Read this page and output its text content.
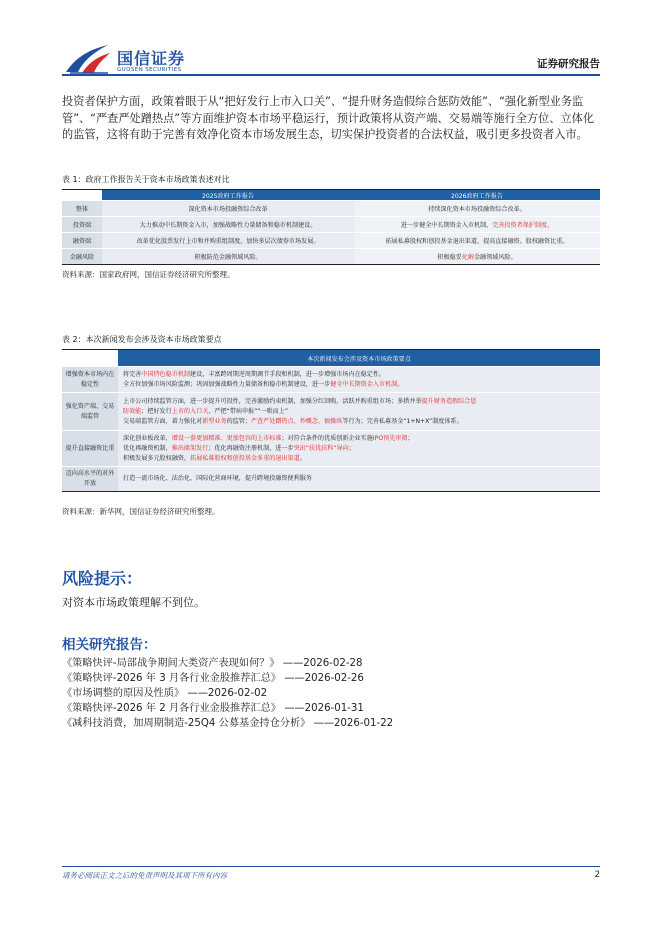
国信证券
GUOSEN SECURITIES	证券研究报告

投资者保护方面，政策着眼于从“把好发行上市入口关”、“提升财务造假综合惩防效能”、“强化新型业务监管”、“严查严处蹭热点”等方面维护资本市场平稳运行，预计政策将从资产端、交易端等施行全方位、立体化的监管，这将有助于完善有效净化资本市场发展生态，切实保护投资者的合法权益，吸引更多投资者入市。

表 1：政府工作报告关于资本市场政策表述对比
	2025政府工作报告	2026政府工作报告
整体	深化资本市场投融资综合改革	持续深化资本市场投融资综合改革。
投资端	大力推动中长期资金入市，加强战略性力量储备和稳市机制建设。	进一步健全中长期资金入市机制，完善投资者保护制度。
融资端	改革优化股票发行上市和并购重组制度，加快多层次债券市场发展。	拓展私募股权和创投基金退出渠道，提高直接融资、股权融资比重。
金融风险	积极防范金融领域风险。	积极稳妥化解金融领域风险。
资料来源：国家政府网，国信证券经济研究所整理。
表 2：本次新闻发布会涉及资本市场政策要点
	本次新闻发布会涉及资本市场政策要点
增强资本市场内在稳定性	将完善中国特色稳市机制建设，丰富跨周期逆周期调节手段和机制，进一步增强市场内在稳定性。
全方位加强市场风险监测；巩固加强战略性力量储备和稳市机制建设，进一步健全中长期资金入市机制。

强化资产端、交易端监管	上市公司持续监管方面，进一步提升可投性，完善激励约束机制，加强分红回购，活跃并购重组市场；多措并举提升财务造假综合惩
防效能；把好发行上市的入口关，严把“带病申报”“一哄而上”
交易端监管方面，着力强化对新型业务的监管；严查严处蹭热点、炒概念、搞操纵等行为；完善私募基金“1+N+X”制度体系。

提升直接融资比重	深化创业板改革，增设一套更加精准、更加包容的上市标准；对符合条件的优质创新企业实施IPO预先审阅；
优化再融资机制，推出储架发行；优化再融资注册机制，进一步突出“扶优扶科”导向；
积极发展多元股权融资，拓展私募股权和创投基金多重的退出渠道。

迈向高水平的对外开放	打造一流市场化、法治化、国际化营商环境，提升跨境投融资便利服务
资料来源：新华网，国信证券经济研究所整理。
风险提示：
对资本市场政策理解不到位。
相关研究报告：
《策略快评-局部战争期间大类资产表现如何？》 ——2026-02-28
《策略快评-2026 年 3 月各行业金股推荐汇总》 ——2026-02-26
《市场调整的原因及性质》 ——2026-02-02
《策略快评-2026 年 2 月各行业金股推荐汇总》 ——2026-01-31
《减科技消费，加周期制造-25Q4 公募基金持仓分析》 ——2026-01-22
请务必阅读正文之后的免责声明及其项下所有内容	2
